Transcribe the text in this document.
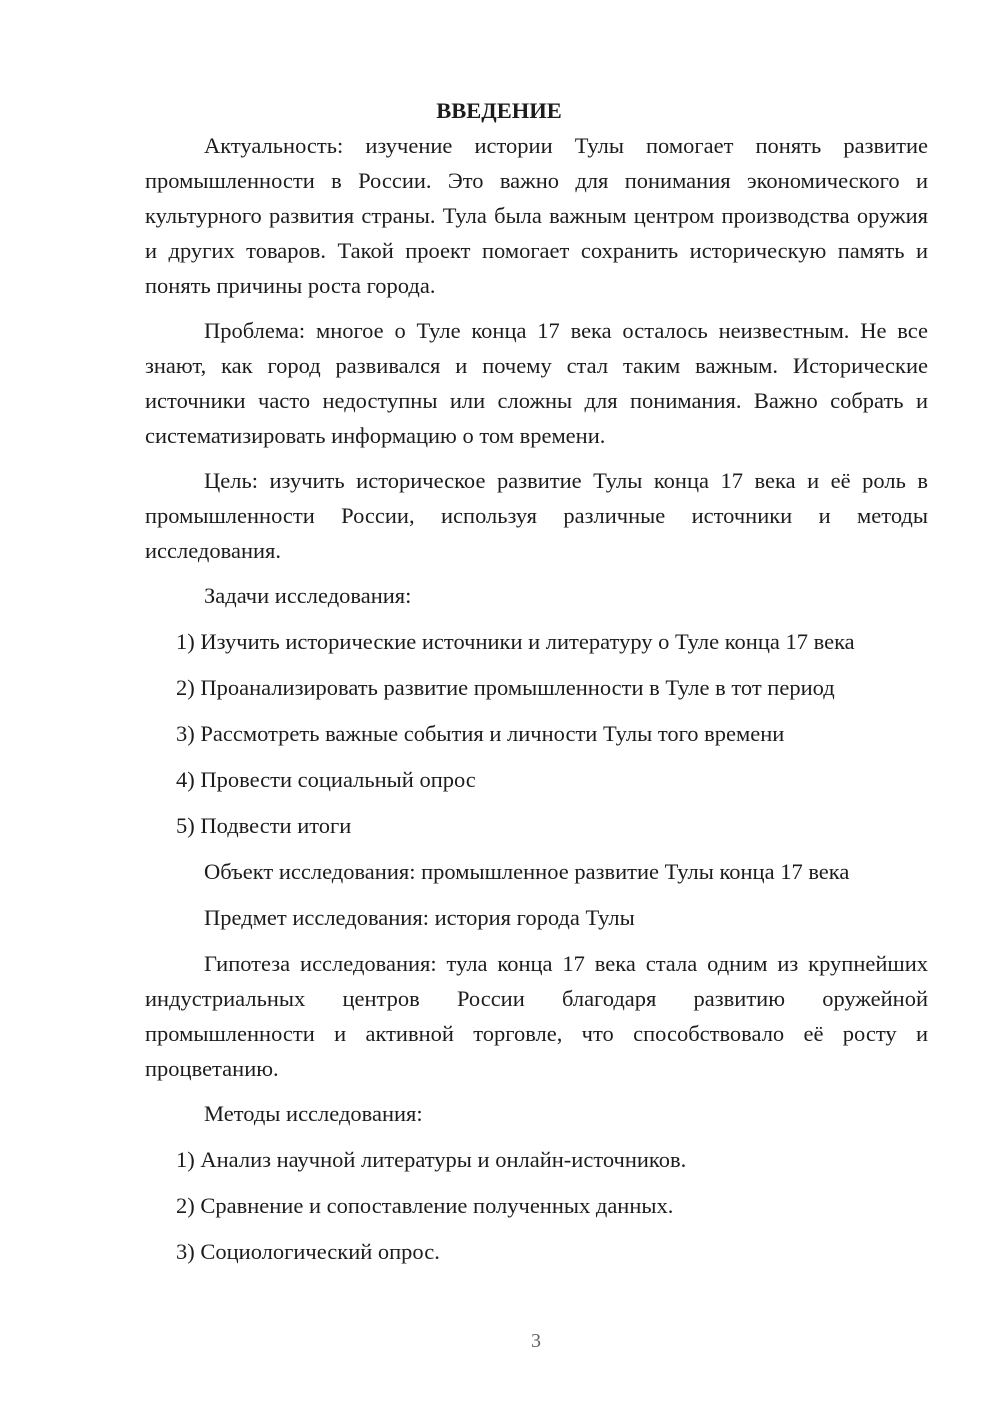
ВВЕДЕНИЕ

Актуальность: изучение истории Тулы помогает понять развитие промышленности в России. Это важно для понимания экономического и культурного развития страны. Тула была важным центром производства оружия и других товаров. Такой проект помогает сохранить историческую память и понять причины роста города.

Проблема: многое о Туле конца 17 века осталось неизвестным. Не все знают, как город развивался и почему стал таким важным. Исторические источники часто недоступны или сложны для понимания. Важно собрать и систематизировать информацию о том времени.

Цель: изучить историческое развитие Тулы конца 17 века и её роль в промышленности России, используя различные источники и методы исследования.

Задачи исследования:
1) Изучить исторические источники и литературу о Туле конца 17 века
2) Проанализировать развитие промышленности в Туле в тот период
3) Рассмотреть важные события и личности Тулы того времени
4) Провести социальный опрос
5) Подвести итоги
Объект исследования: промышленное развитие Тулы конца 17 века
Предмет исследования: история города Тулы

Гипотеза исследования: тула конца 17 века стала одним из крупнейших индустриальных центров России благодаря развитию оружейной промышленности и активной торговле, что способствовало её росту и процветанию.

Методы исследования:
1) Анализ научной литературы и онлайн-источников.
2) Сравнение и сопоставление полученных данных.
3) Социологический опрос.
3
